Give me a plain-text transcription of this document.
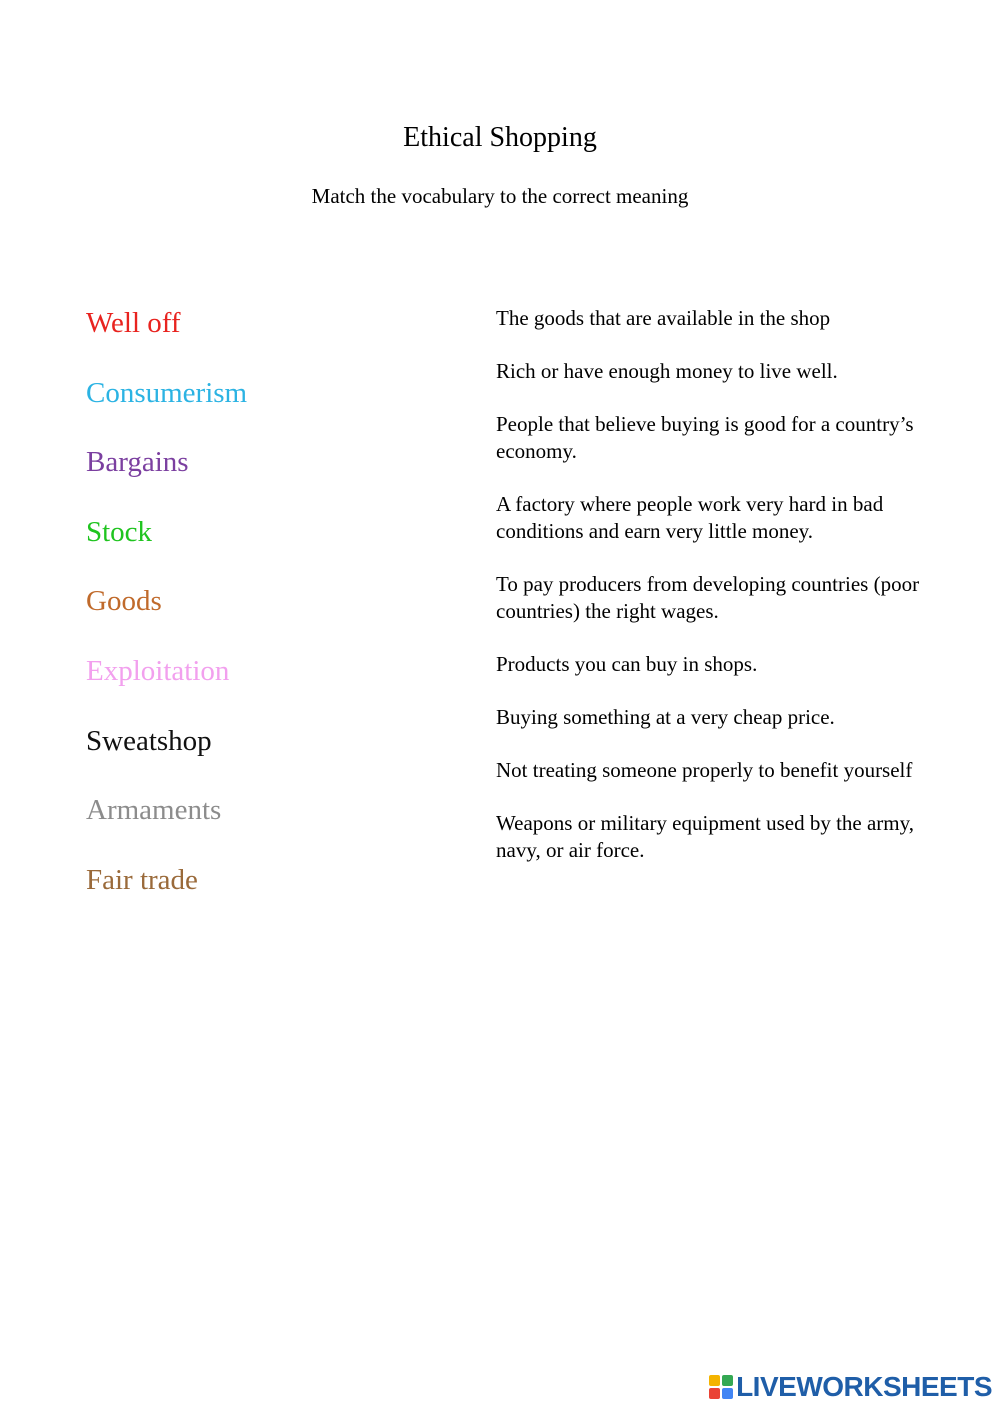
Ethical Shopping
Match the vocabulary to the correct meaning
Well off
Consumerism
Bargains
Stock
Goods
Exploitation
Sweatshop
Armaments
Fair trade
The goods that are available in the shop
Rich or have enough money to live well.
People that believe buying is good for a country’s economy.
A factory where people work very hard in bad conditions and earn very little money.
To pay producers from developing countries (poor countries) the right wages.
Products you can buy in shops.
Buying something at a very cheap price.
Not treating someone properly to benefit yourself
Weapons or military equipment used by the army, navy, or air force.
LIVEWORKSHEETS
